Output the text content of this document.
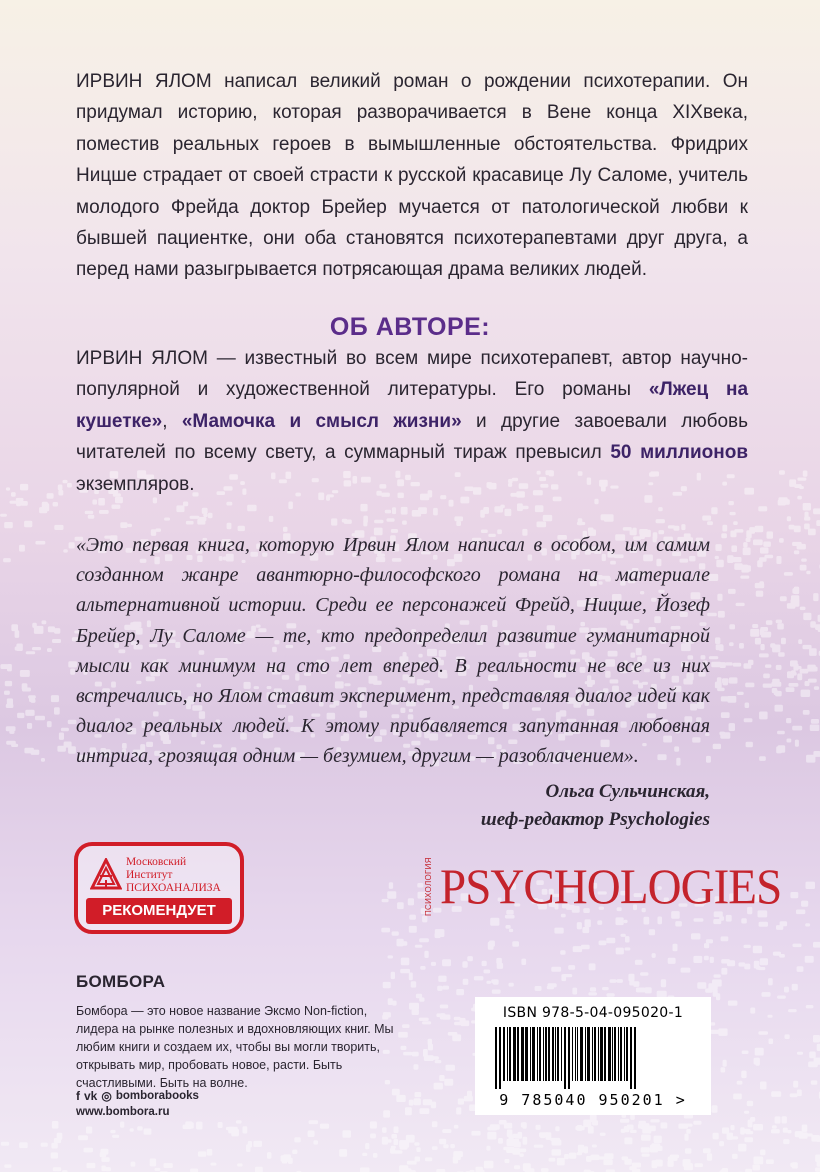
ИРВИН ЯЛОМ написал великий роман о рождении психотерапии. Он придумал историю, которая разворачивается в Вене конца XIXвека, поместив реальных героев в вымышленные обстоятельства. Фридрих Ницше страдает от своей страсти к русской красавице Лу Саломе, учитель молодого Фрейда доктор Брейер мучается от патологической любви к бывшей пациентке, они оба становятся психотерапевтами друг друга, а перед нами разыгрывается потрясающая драма великих людей.

ОБ АВТОРЕ:

ИРВИН ЯЛОМ — известный во всем мире психотерапевт, автор научно-популярной и художественной литературы. Его романы «Лжец на кушетке», «Мамочка и смысл жизни» и другие завоевали любовь читателей по всему свету, а суммарный тираж превысил 50 миллионов экземпляров.

«Это первая книга, которую Ирвин Ялом написал в особом, им самим созданном жанре авантюрно-философского романа на материале альтернативной истории. Среди ее персонажей Фрейд, Ницше, Йозеф Брейер, Лу Саломе — те, кто предопределил развитие гуманитарной мысли как минимум на сто лет вперед. В реальности не все из них встречались, но Ялом ставит эксперимент, представляя диалог идей как диалог реальных людей. К этому прибавляется запутанная любовная интрига, грозящая одним — безумием, другим — разоблачением».

Ольга Сульчинская,
шеф-редактор Psychologies
Московский
Институт
ПСИХОАНАЛИЗА
РЕКОМЕНДУЕТ	ПСИХОЛОГИЯ PSYCHOLOGIES
БОМБОРА

Бомбора — это новое название Эксмо Non-fiction, лидера на рынке полезных и вдохновляющих книг. Мы любим книги и создаем их, чтобы вы могли творить, открывать мир, пробовать новое, расти. Быть счастливыми. Быть на волне.

f vk ◎ bomborabooks
www.bombora.ru
ISBN 978-5-04-095020-1
9 785040 950201 >
